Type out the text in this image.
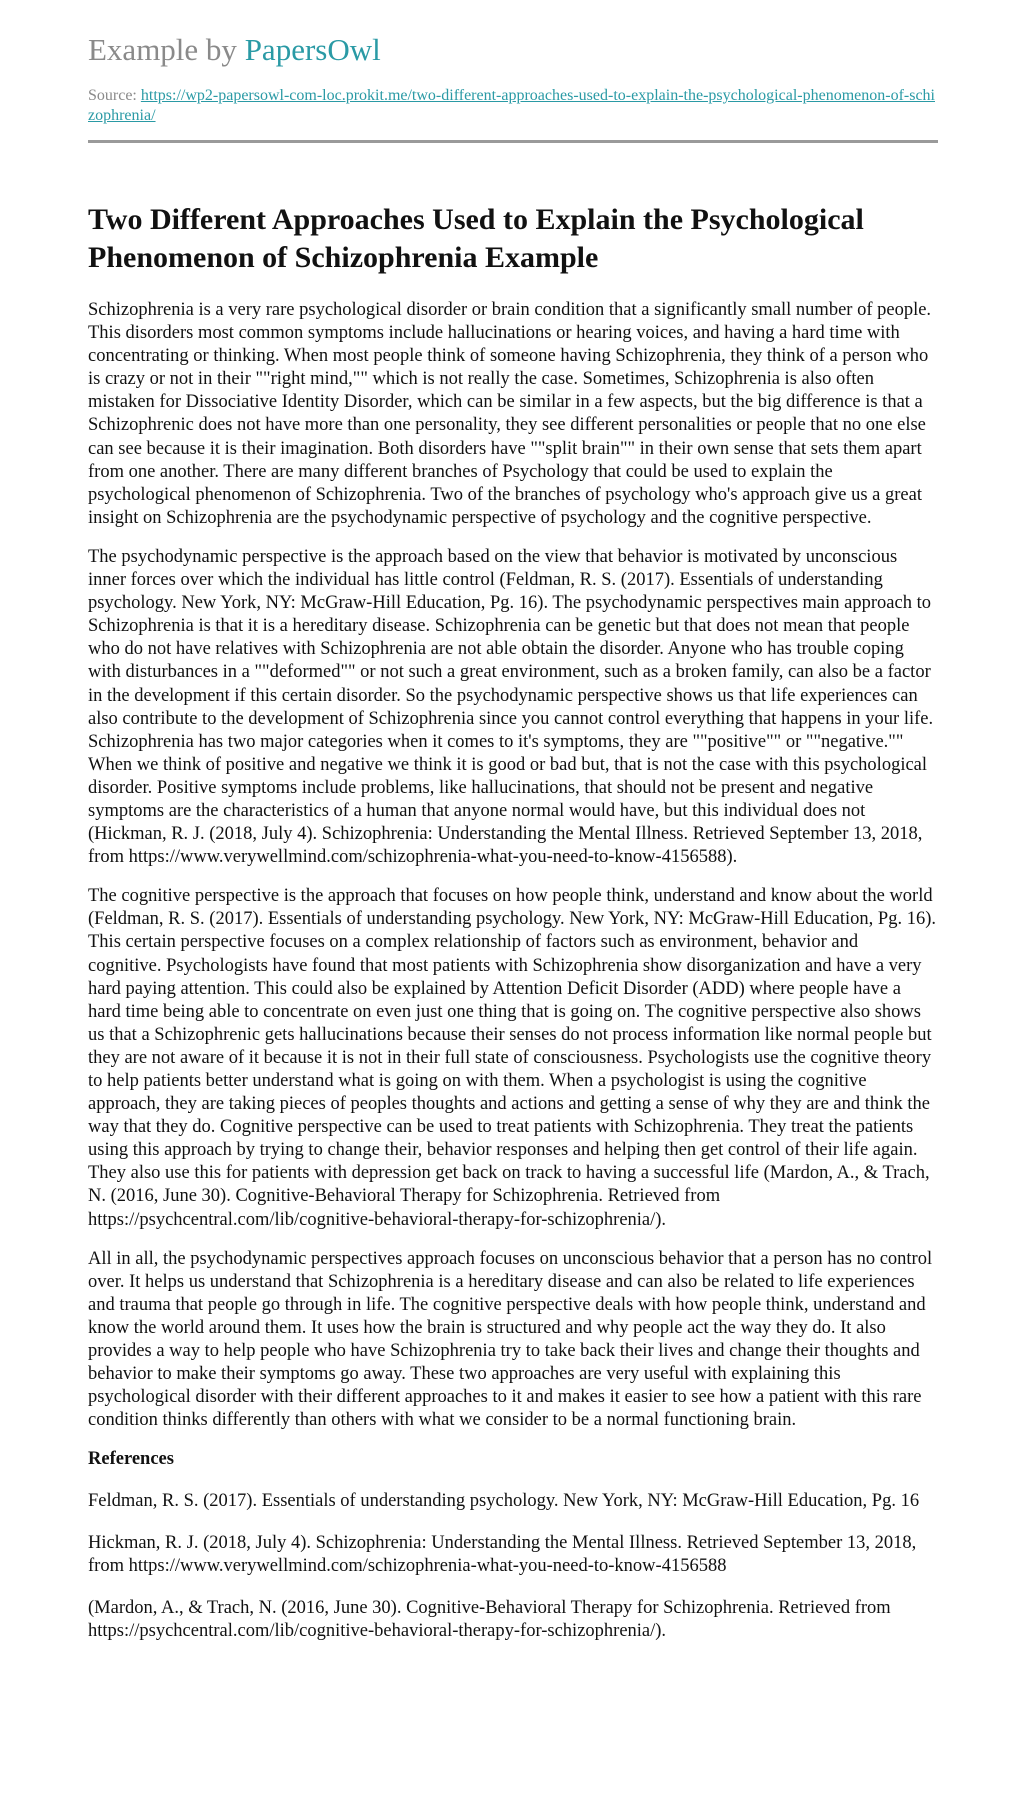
Example by PapersOwl
Source: https://wp2-papersowl-com-loc.prokit.me/two-different-approaches-used-to-explain-the-psychological-phenomenon-of-schizophrenia/
Two Different Approaches Used to Explain the Psychological Phenomenon of Schizophrenia Example

Schizophrenia is a very rare psychological disorder or brain condition that a significantly small number of people. This disorders most common symptoms include hallucinations or hearing voices, and having a hard time with concentrating or thinking. When most people think of someone having Schizophrenia, they think of a person who is crazy or not in their ""right mind,"" which is not really the case. Sometimes, Schizophrenia is also often mistaken for Dissociative Identity Disorder, which can be similar in a few aspects, but the big difference is that a Schizophrenic does not have more than one personality, they see different personalities or people that no one else can see because it is their imagination. Both disorders have ""split brain"" in their own sense that sets them apart from one another. There are many different branches of Psychology that could be used to explain the psychological phenomenon of Schizophrenia. Two of the branches of psychology who's approach give us a great insight on Schizophrenia are the psychodynamic perspective of psychology and the cognitive perspective.

The psychodynamic perspective is the approach based on the view that behavior is motivated by unconscious inner forces over which the individual has little control (Feldman, R. S. (2017). Essentials of understanding psychology. New York, NY: McGraw-Hill Education, Pg. 16). The psychodynamic perspectives main approach to Schizophrenia is that it is a hereditary disease. Schizophrenia can be genetic but that does not mean that people who do not have relatives with Schizophrenia are not able obtain the disorder. Anyone who has trouble coping with disturbances in a ""deformed"" or not such a great environment, such as a broken family, can also be a factor in the development if this certain disorder. So the psychodynamic perspective shows us that life experiences can also contribute to the development of Schizophrenia since you cannot control everything that happens in your life. Schizophrenia has two major categories when it comes to it's symptoms, they are ""positive"" or ""negative."" When we think of positive and negative we think it is good or bad but, that is not the case with this psychological disorder. Positive symptoms include problems, like hallucinations, that should not be present and negative symptoms are the characteristics of a human that anyone normal would have, but this individual does not (Hickman, R. J. (2018, July 4). Schizophrenia: Understanding the Mental Illness. Retrieved September 13, 2018, from https://www.verywellmind.com/schizophrenia-what-you-need-to-know-4156588).

The cognitive perspective is the approach that focuses on how people think, understand and know about the world (Feldman, R. S. (2017). Essentials of understanding psychology. New York, NY: McGraw-Hill Education, Pg. 16). This certain perspective focuses on a complex relationship of factors such as environment, behavior and cognitive. Psychologists have found that most patients with Schizophrenia show disorganization and have a very hard paying attention. This could also be explained by Attention Deficit Disorder (ADD) where people have a hard time being able to concentrate on even just one thing that is going on. The cognitive perspective also shows us that a Schizophrenic gets hallucinations because their senses do not process information like normal people but they are not aware of it because it is not in their full state of consciousness. Psychologists use the cognitive theory to help patients better understand what is going on with them. When a psychologist is using the cognitive approach, they are taking pieces of peoples thoughts and actions and getting a sense of why they are and think the way that they do. Cognitive perspective can be used to treat patients with Schizophrenia. They treat the patients using this approach by trying to change their, behavior responses and helping then get control of their life again. They also use this for patients with depression get back on track to having a successful life (Mardon, A., & Trach, N. (2016, June 30). Cognitive-Behavioral Therapy for Schizophrenia. Retrieved from https://psychcentral.com/lib/cognitive-behavioral-therapy-for-schizophrenia/).

All in all, the psychodynamic perspectives approach focuses on unconscious behavior that a person has no control over. It helps us understand that Schizophrenia is a hereditary disease and can also be related to life experiences and trauma that people go through in life. The cognitive perspective deals with how people think, understand and know the world around them. It uses how the brain is structured and why people act the way they do. It also provides a way to help people who have Schizophrenia try to take back their lives and change their thoughts and behavior to make their symptoms go away. These two approaches are very useful with explaining this psychological disorder with their different approaches to it and makes it easier to see how a patient with this rare condition thinks differently than others with what we consider to be a normal functioning brain.

References

Feldman, R. S. (2017). Essentials of understanding psychology. New York, NY: McGraw-Hill Education, Pg. 16

Hickman, R. J. (2018, July 4). Schizophrenia: Understanding the Mental Illness. Retrieved September 13, 2018, from https://www.verywellmind.com/schizophrenia-what-you-need-to-know-4156588

(Mardon, A., & Trach, N. (2016, June 30). Cognitive-Behavioral Therapy for Schizophrenia. Retrieved from https://psychcentral.com/lib/cognitive-behavioral-therapy-for-schizophrenia/).
